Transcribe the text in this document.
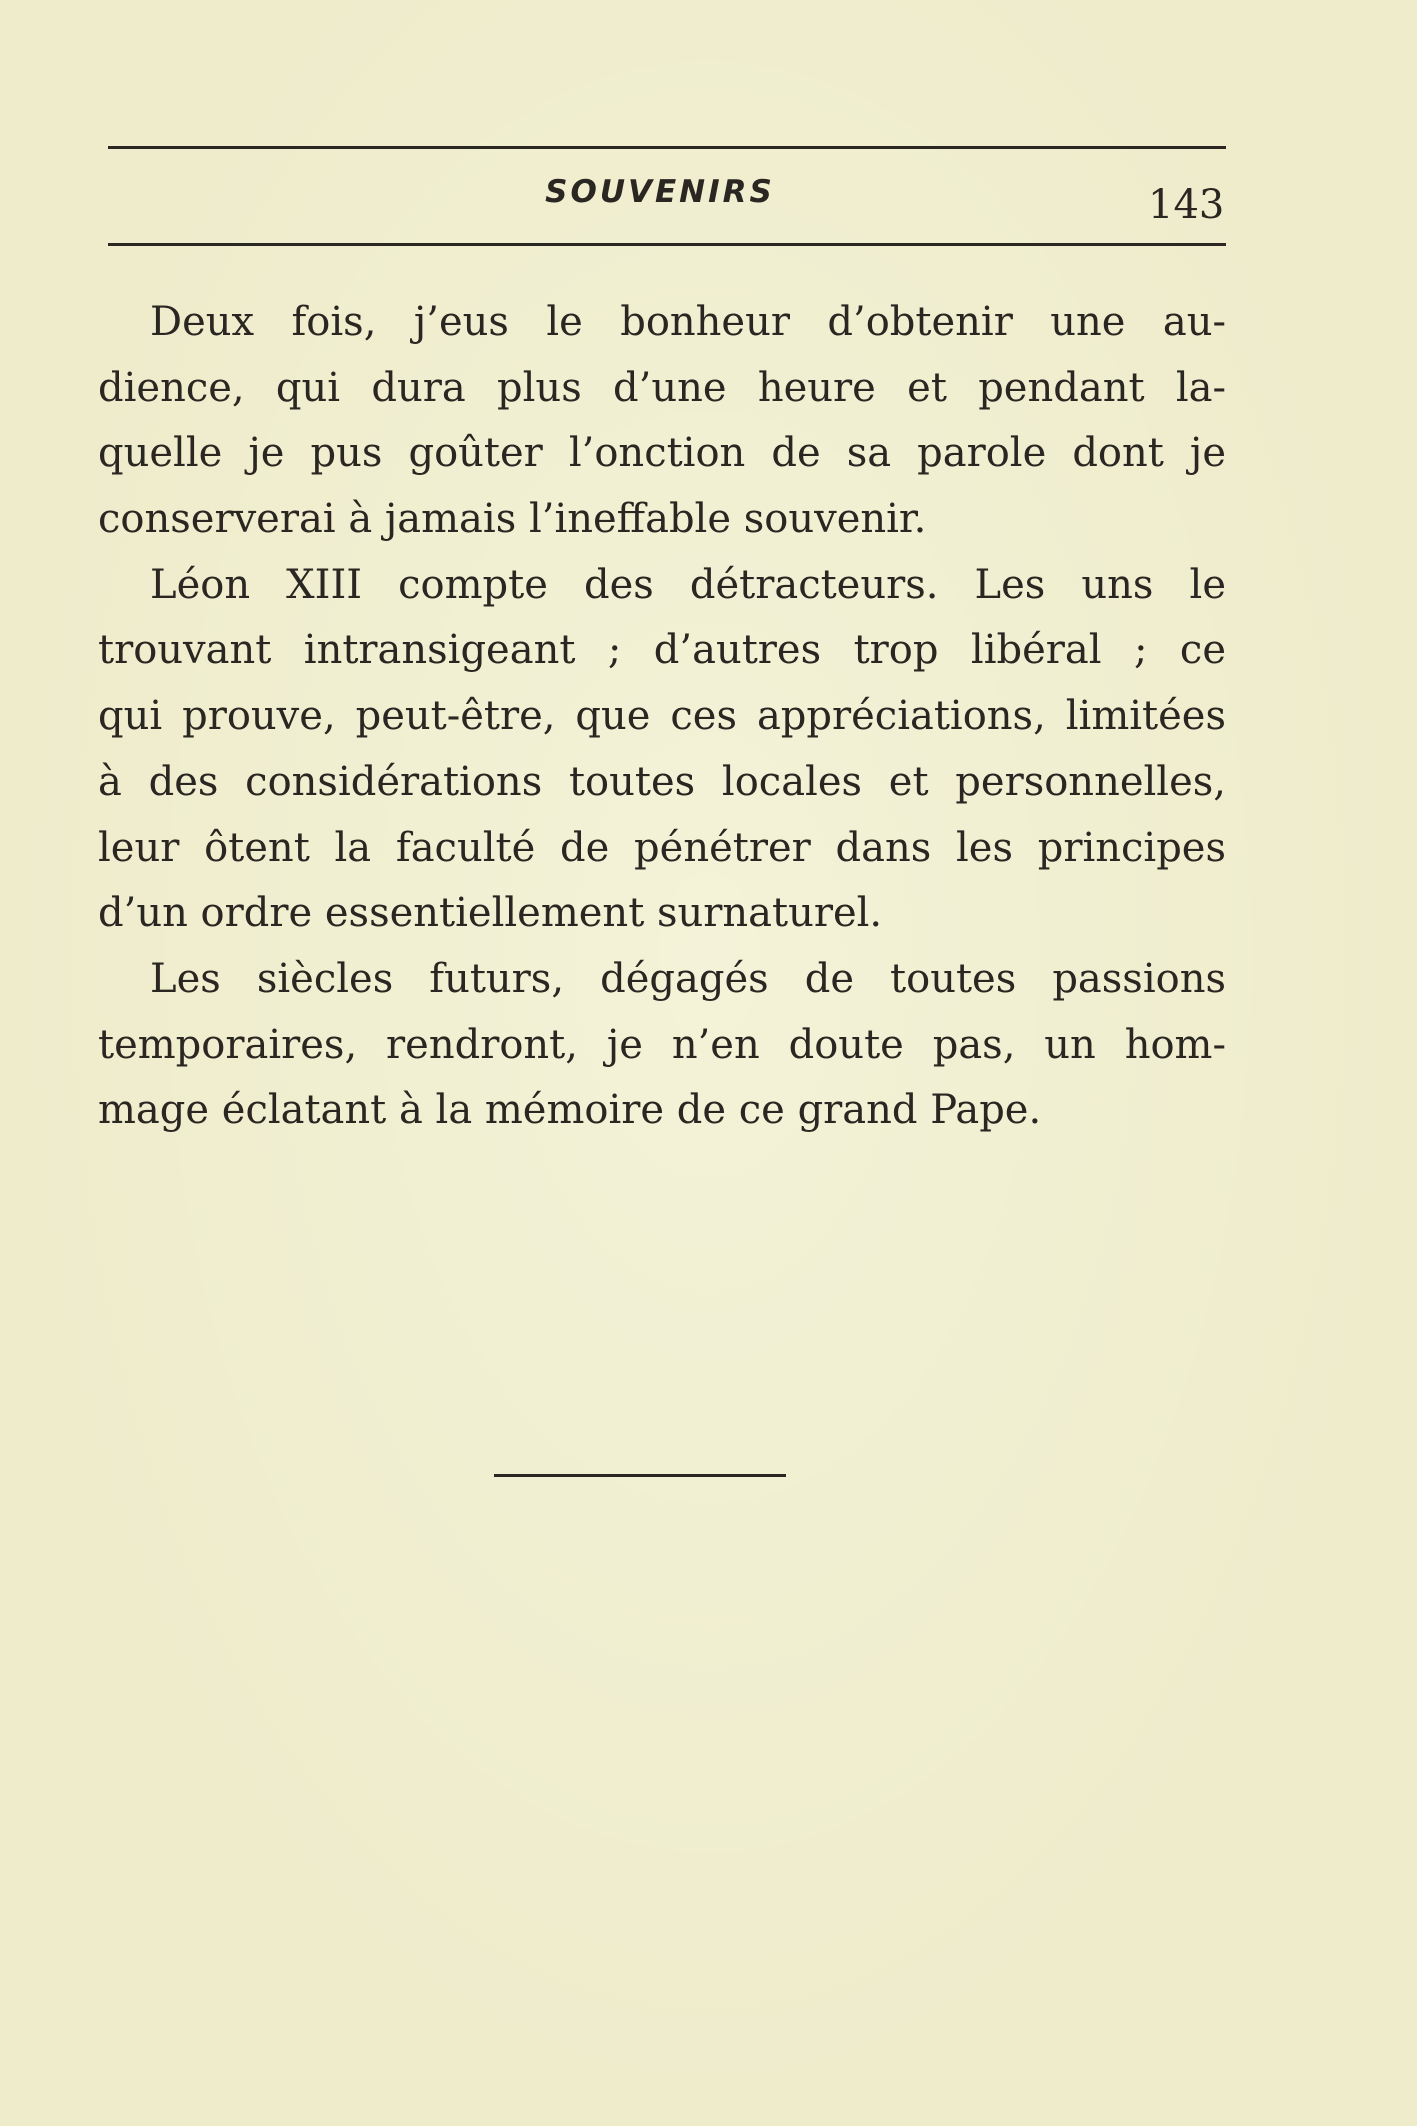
SOUVENIRS	143
Deux fois, j’eus le bonheur d’obtenir une au-
dience, qui dura plus d’une heure et pendant la-
quelle je pus goûter l’onction de sa parole dont je
conserverai à jamais l’ineffable souvenir.
Léon XIII compte des détracteurs. Les uns le
trouvant intransigeant ; d’autres trop libéral ; ce
qui prouve, peut-être, que ces appréciations, limitées
à des considérations toutes locales et personnelles,
leur ôtent la faculté de pénétrer dans les principes
d’un ordre essentiellement surnaturel.
Les siècles futurs, dégagés de toutes passions
temporaires, rendront, je n’en doute pas, un hom-
mage éclatant à la mémoire de ce grand Pape.
